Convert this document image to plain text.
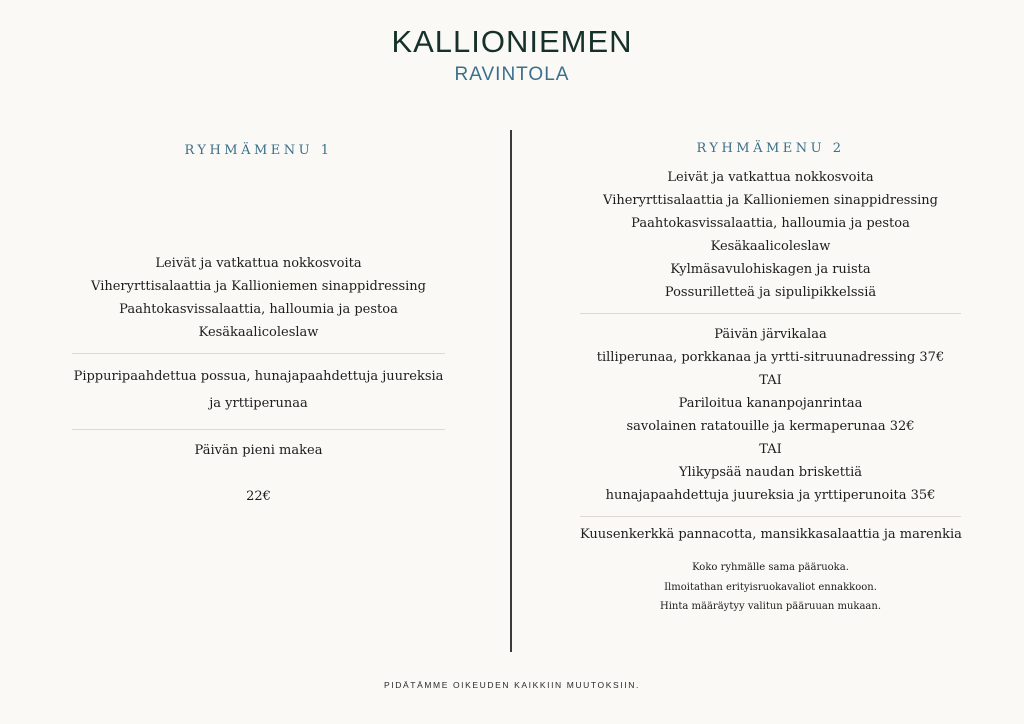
KALLIONIEMEN
RAVINTOLA
RYHMÄMENU 1
Leivät ja vatkattua nokkosvoita
Viheryrttisalaattia ja Kallioniemen sinappidressing
Paahtokasvissalaattia, halloumia ja pestoa
Kesäkaalicoleslaw
Pippuripaahdettua possua, hunajapaahdettuja juureksia ja yrttiperunaa
Päivän pieni makea
22€
RYHMÄMENU 2
Leivät ja vatkattua nokkosvoita
Viheryrttisalaattia ja Kallioniemen sinappidressing
Paahtokasvissalaattia, halloumia ja pestoa
Kesäkaalicoleslaw
Kylmäsavulohiskagen ja ruista
Possurilletteä ja sipulipikkelssiä
Päivän järvikalaa
tilliperunaa, porkkanaa ja yrtti-sitruunadressing 37€
TAI
Pariloitua kananpojanrintaa
savolainen ratatouille ja kermaperunaa 32€
TAI
Ylikypsää naudan briskettiä
hunajapaahdettuja juureksia ja yrttiperunoita 35€
Kuusenkerkkä pannacotta, mansikkasalaattia ja marenkia
Koko ryhmälle sama pääruoka.
Ilmoitathan erityisruokavaliot ennakkoon.
Hinta määräytyy valitun pääruuan mukaan.
PIDÄTÄMME OIKEUDEN KAIKKIIN MUUTOKSIIN.
